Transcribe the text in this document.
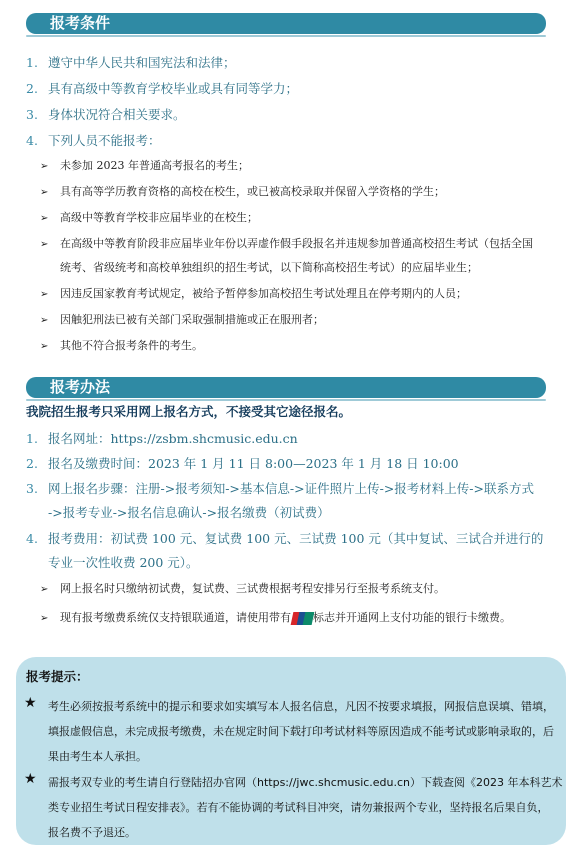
报考条件
1. 遵守中华人民共和国宪法和法律；
2. 具有高级中等教育学校毕业或具有同等学力；
3. 身体状况符合相关要求。
4. 下列人员不能报考：
➢ 未参加 2023 年普通高考报名的考生；
➢ 具有高等学历教育资格的高校在校生，或已被高校录取并保留入学资格的学生；
➢ 高级中等教育学校非应届毕业的在校生；
➢ 在高级中等教育阶段非应届毕业年份以弄虚作假手段报名并违规参加普通高校招生考试（包括全国
统考、省级统考和高校单独组织的招生考试，以下简称高校招生考试）的应届毕业生；
➢ 因违反国家教育考试规定，被给予暂停参加高校招生考试处理且在停考期内的人员；
➢ 因触犯刑法已被有关部门采取强制措施或正在服刑者；
➢ 其他不符合报考条件的考生。
报考办法
我院招生报考只采用网上报名方式，不接受其它途径报名。
1. 报名网址：https://zsbm.shcmusic.edu.cn
2. 报名及缴费时间：2023 年 1 月 11 日 8:00—2023 年 1 月 18 日 10:00
3. 网上报名步骤：注册->报考须知->基本信息->证件照片上传->报考材料上传->联系方式
->报考专业->报名信息确认->报名缴费（初试费）
4. 报考费用：初试费 100 元、复试费 100 元、三试费 100 元（其中复试、三试合并进行的
专业一次性收费 200 元）。
➢ 网上报名时只缴纳初试费，复试费、三试费根据考程安排另行至报考系统支付。
➢ 现有报考缴费系统仅支持银联通道，请使用带有 标志并开通网上支付功能的银行卡缴费。
报考提示：
★ 考生必须按报考系统中的提示和要求如实填写本人报名信息，凡因不按要求填报，网报信息误填、错填，
填报虚假信息，未完成报考缴费，未在规定时间下载打印考试材料等原因造成不能考试或影响录取的，后
果由考生本人承担。
★ 需报考双专业的考生请自行登陆招办官网（https://jwc.shcmusic.edu.cn）下载查阅《2023 年本科艺术
类专业招生考试日程安排表》。若有不能协调的考试科目冲突，请勿兼报两个专业，坚持报名后果自负，
报名费不予退还。
